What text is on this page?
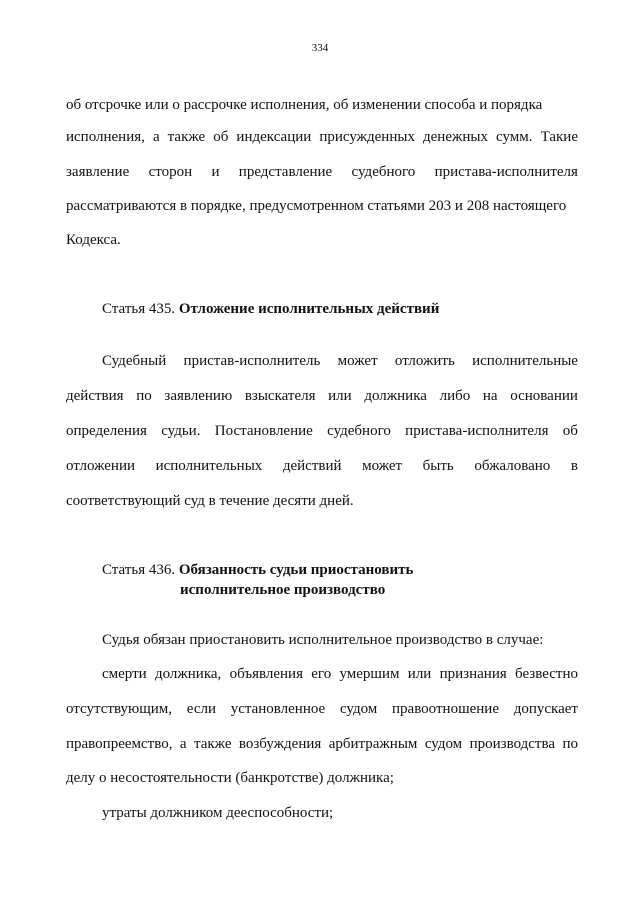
334
об отсрочке или о рассрочке исполнения, об изменении способа и порядка
исполнения, а также об индексации присужденных денежных сумм. Такие
заявление сторон и представление судебного пристава-исполнителя
рассматриваются в порядке, предусмотренном статьями 203 и 208 настоящего
Кодекса.
Статья 435. Отложение исполнительных действий
Судебный пристав-исполнитель может отложить исполнительные
действия по заявлению взыскателя или должника либо на основании
определения судьи. Постановление судебного пристава-исполнителя об
отложении исполнительных действий может быть обжаловано в
соответствующий суд в течение десяти дней.
Статья 436. Обязанность судьи приостановить
исполнительное производство
Судья обязан приостановить исполнительное производство в случае:
смерти должника, объявления его умершим или признания безвестно
отсутствующим, если установленное судом правоотношение допускает
правопреемство, а также возбуждения арбитражным судом производства по
делу о несостоятельности (банкротстве) должника;
утраты должником дееспособности;
